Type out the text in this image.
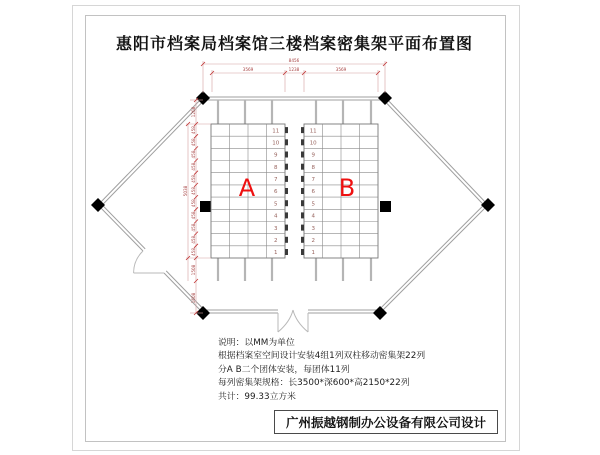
惠阳市档案局档案馆三楼档案密集架平面布置图
11
10
9
8
7
6
5
4
3
2
1
A
11
10
9
8
7
6
5
4
3
2
1
B
8456
3569	1238	3569
1208
458
458
458
458
458
458
458
458
458
458
458
5038
1508
1608
说明：以MM为单位
根据档案室空间设计安装4组1列双柱移动密集架22列
分A B二个团体安装，每团体11列
每列密集架规格：长3500*深600*高2150*22列
共计：99.33立方米
广州振越钢制办公设备有限公司设计
